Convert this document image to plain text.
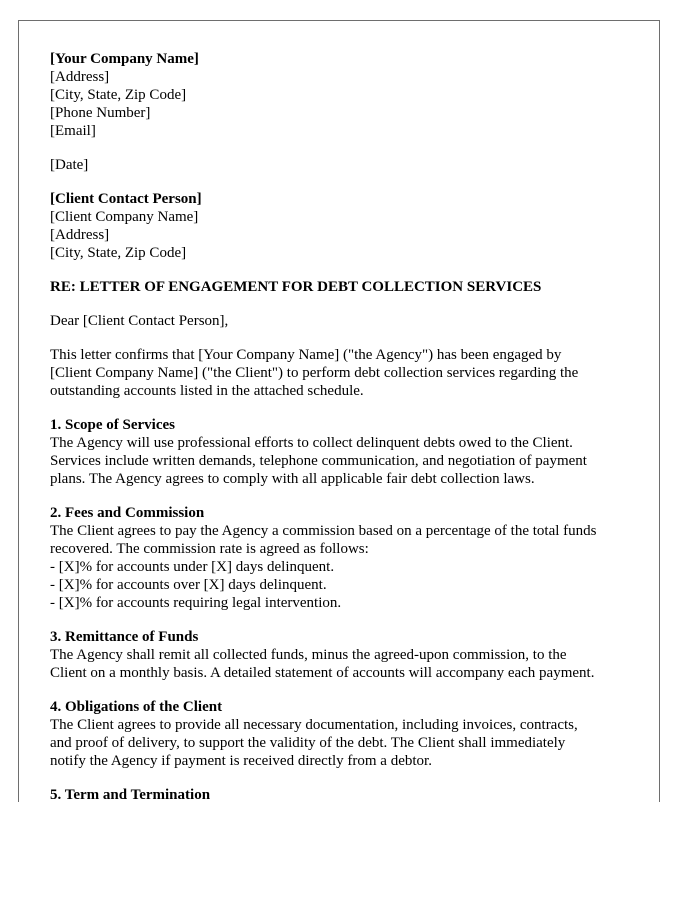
[Your Company Name]
[Address]
[City, State, Zip Code]
[Phone Number]
[Email]
[Date]
[Client Contact Person]
[Client Company Name]
[Address]
[City, State, Zip Code]
RE: LETTER OF ENGAGEMENT FOR DEBT COLLECTION SERVICES
Dear [Client Contact Person],
This letter confirms that [Your Company Name] ("the Agency") has been engaged by
[Client Company Name] ("the Client") to perform debt collection services regarding the
outstanding accounts listed in the attached schedule.
1. Scope of Services
The Agency will use professional efforts to collect delinquent debts owed to the Client.
Services include written demands, telephone communication, and negotiation of payment
plans. The Agency agrees to comply with all applicable fair debt collection laws.
2. Fees and Commission
The Client agrees to pay the Agency a commission based on a percentage of the total funds
recovered. The commission rate is agreed as follows:
- [X]% for accounts under [X] days delinquent.
- [X]% for accounts over [X] days delinquent.
- [X]% for accounts requiring legal intervention.
3. Remittance of Funds
The Agency shall remit all collected funds, minus the agreed-upon commission, to the
Client on a monthly basis. A detailed statement of accounts will accompany each payment.
4. Obligations of the Client
The Client agrees to provide all necessary documentation, including invoices, contracts,
and proof of delivery, to support the validity of the debt. The Client shall immediately
notify the Agency if payment is received directly from a debtor.
5. Term and Termination
